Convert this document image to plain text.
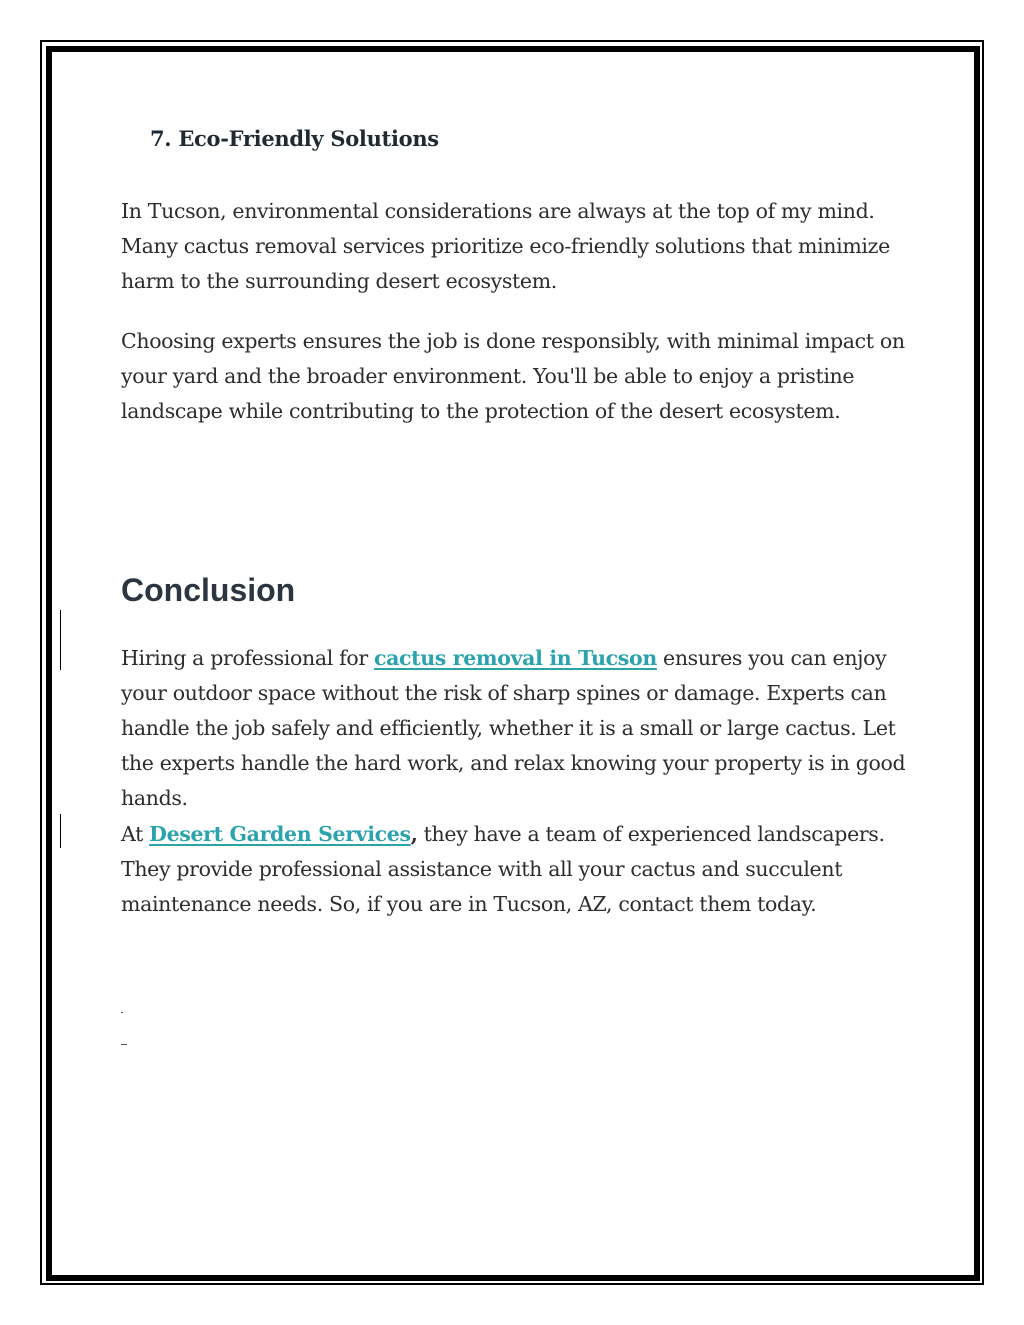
7. Eco-Friendly Solutions

In Tucson, environmental considerations are always at the top of my mind. Many cactus removal services prioritize eco-friendly solutions that minimize harm to the surrounding desert ecosystem.

Choosing experts ensures the job is done responsibly, with minimal impact on your yard and the broader environment. You'll be able to enjoy a pristine landscape while contributing to the protection of the desert ecosystem.

Conclusion

Hiring a professional for cactus removal in Tucson ensures you can enjoy your outdoor space without the risk of sharp spines or damage. Experts can handle the job safely and efficiently, whether it is a small or large cactus. Let the experts handle the hard work, and relax knowing your property is in good hands.

At Desert Garden Services, they have a team of experienced landscapers. They provide professional assistance with all your cactus and succulent maintenance needs. So, if you are in Tucson, AZ, contact them today.
